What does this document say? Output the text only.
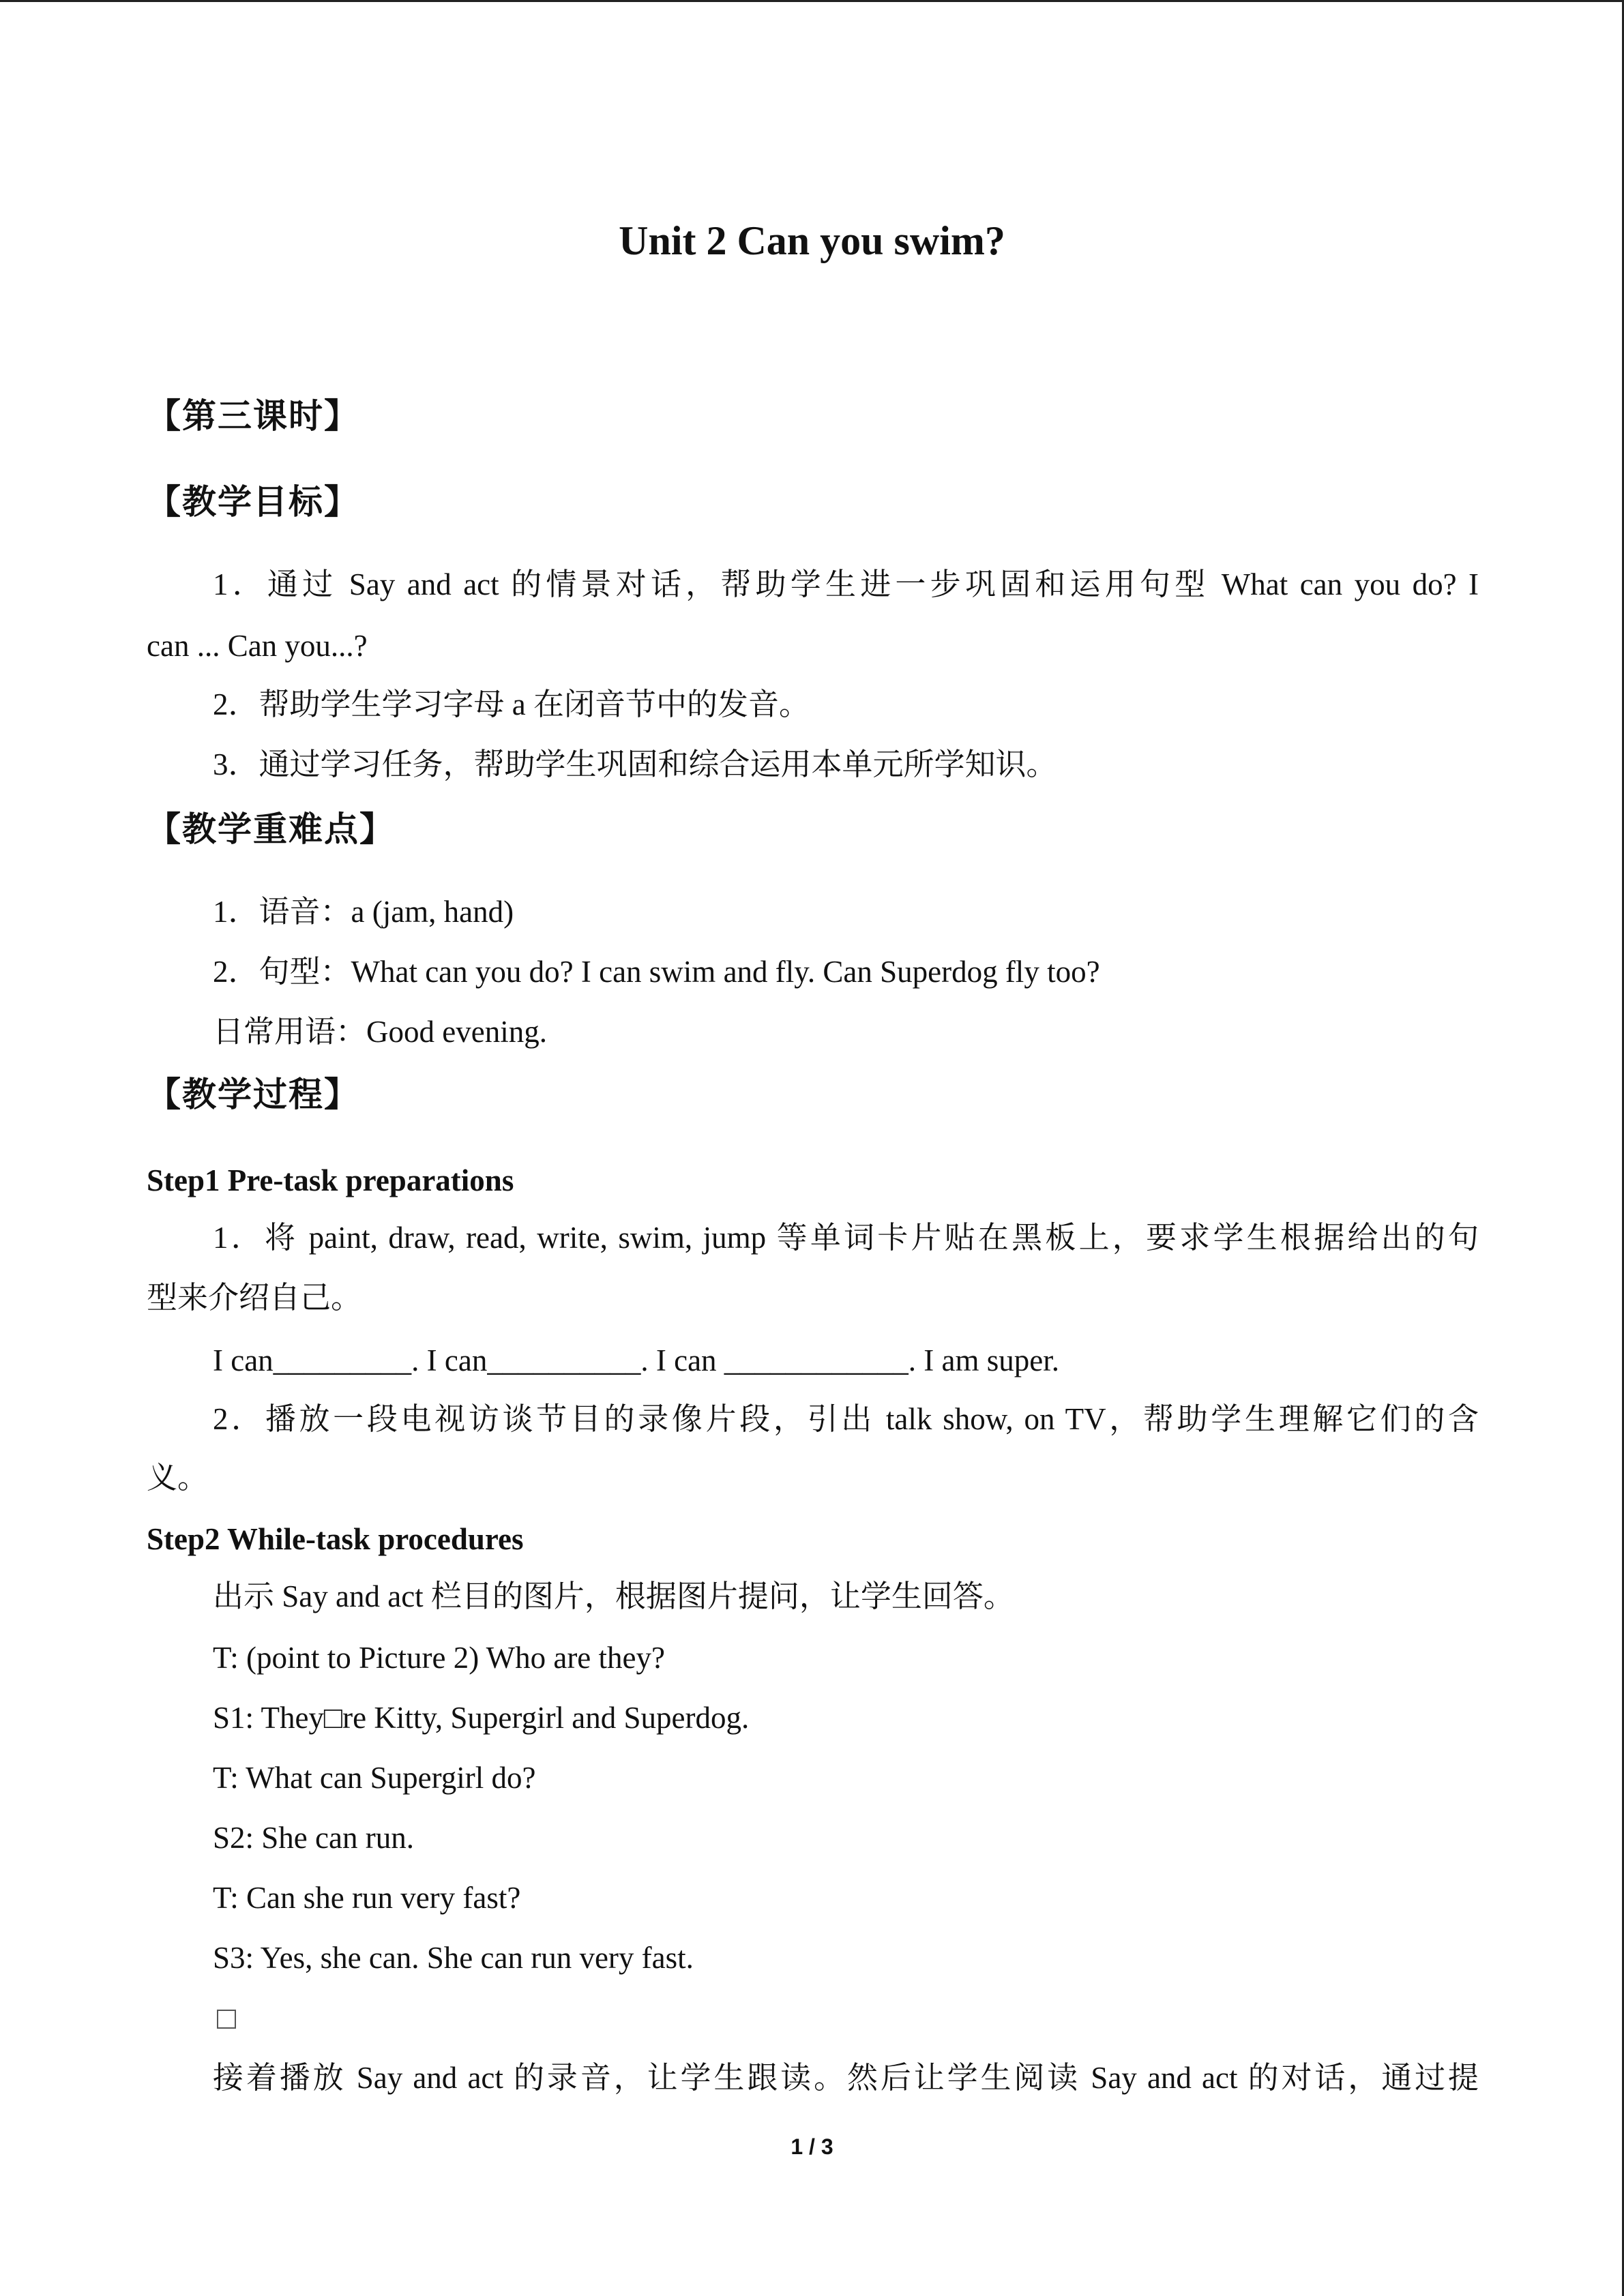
Unit 2 Can you swim?
【第三课时】
【教学目标】
1．通过 Say and act 的情景对话，帮助学生进一步巩固和运用句型 What can you do? I
can ... Can you...?
2．帮助学生学习字母 a 在闭音节中的发音。
3．通过学习任务，帮助学生巩固和综合运用本单元所学知识。
【教学重难点】
1．语音：a (jam, hand)
2．句型：What can you do? I can swim and fly. Can Superdog fly too?
日常用语：Good evening.
【教学过程】
Step1 Pre-task preparations
1．将 paint, draw, read, write, swim, jump 等单词卡片贴在黑板上，要求学生根据给出的句
型来介绍自己。
I can_________. I can__________. I can ____________. I am super.
2．播放一段电视访谈节目的录像片段，引出 talk show, on TV，帮助学生理解它们的含
义。
Step2 While-task procedures
出示 Say and act 栏目的图片，根据图片提问，让学生回答。
T: (point to Picture 2) Who are they?
S1: They□re Kitty, Supergirl and Superdog.
T: What can Supergirl do?
S2: She can run.
T: Can she run very fast?
S3: Yes, she can. She can run very fast.
接着播放 Say and act 的录音，让学生跟读。然后让学生阅读 Say and act 的对话，通过提
1 / 3
